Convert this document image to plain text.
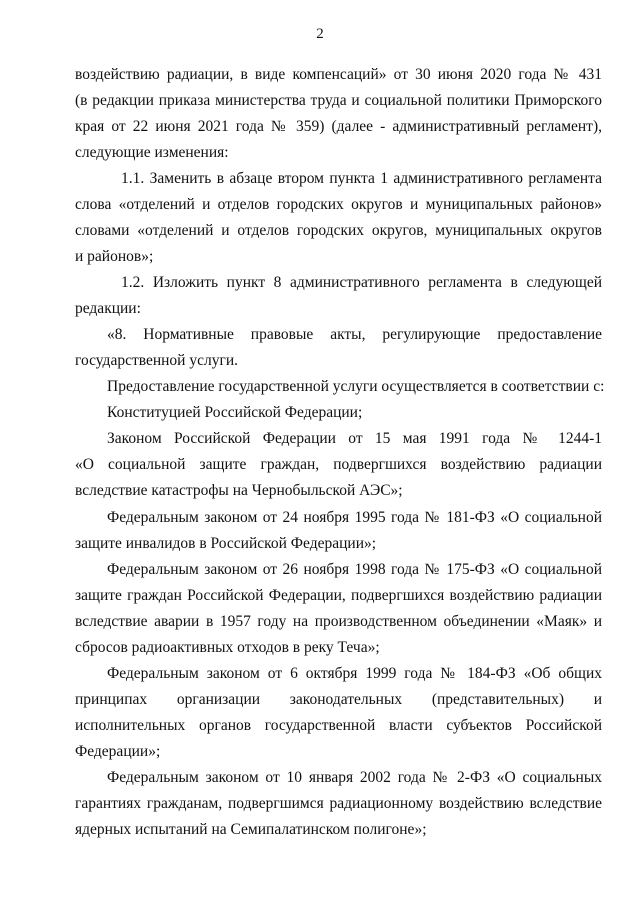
2

воздействию радиации, в виде компенсаций» от 30 июня 2020 года № 431
(в редакции приказа министерства труда и социальной политики Приморского
края от 22 июня 2021 года № 359) (далее - административный регламент),
следующие изменения:

1.1. Заменить в абзаце втором пункта 1 административного регламента
слова «отделений и отделов городских округов и муниципальных районов»
словами «отделений и отделов городских округов, муниципальных округов
и районов»;

1.2. Изложить пункт 8 административного регламента в следующей
редакции:

«8. Нормативные правовые акты, регулирующие предоставление
государственной услуги.

Предоставление государственной услуги осуществляется в соответствии с:

Конституцией Российской Федерации;

Законом Российской Федерации от 15 мая 1991 года № 1244-1
«О социальной защите граждан, подвергшихся воздействию радиации
вследствие катастрофы на Чернобыльской АЭС»;

Федеральным законом от 24 ноября 1995 года № 181-ФЗ «О социальной
защите инвалидов в Российской Федерации»;

Федеральным законом от 26 ноября 1998 года № 175-ФЗ «О социальной
защите граждан Российской Федерации, подвергшихся воздействию радиации
вследствие аварии в 1957 году на производственном объединении «Маяк» и
сбросов радиоактивных отходов в реку Теча»;

Федеральным законом от 6 октября 1999 года № 184-ФЗ «Об общих
принципах организации законодательных (представительных) и
исполнительных органов государственной власти субъектов Российской
Федерации»;

Федеральным законом от 10 января 2002 года № 2-ФЗ «О социальных
гарантиях гражданам, подвергшимся радиационному воздействию вследствие
ядерных испытаний на Семипалатинском полигоне»;
